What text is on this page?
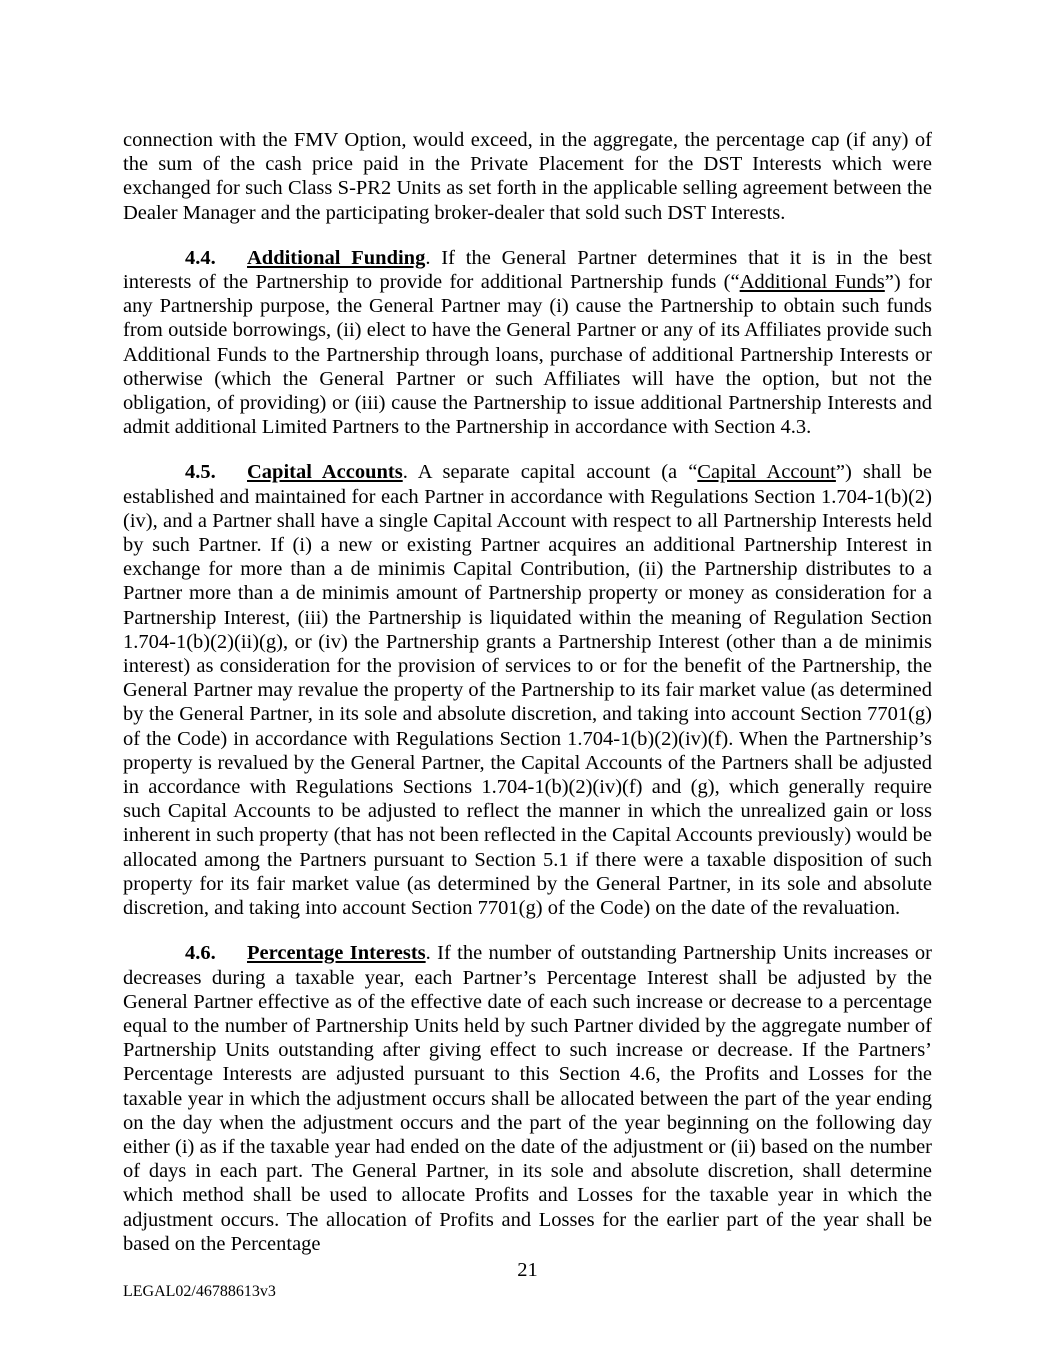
connection with the FMV Option, would exceed, in the aggregate, the percentage cap (if any) of the sum of the cash price paid in the Private Placement for the DST Interests which were exchanged for such Class S-PR2 Units as set forth in the applicable selling agreement between the Dealer Manager and the participating broker-dealer that sold such DST Interests.

4.4. Additional Funding. If the General Partner determines that it is in the best interests of the Partnership to provide for additional Partnership funds (“Additional Funds”) for any Partnership purpose, the General Partner may (i) cause the Partnership to obtain such funds from outside borrowings, (ii) elect to have the General Partner or any of its Affiliates provide such Additional Funds to the Partnership through loans, purchase of additional Partnership Interests or otherwise (which the General Partner or such Affiliates will have the option, but not the obligation, of providing) or (iii) cause the Partnership to issue additional Partnership Interests and admit additional Limited Partners to the Partnership in accordance with Section 4.3.

4.5. Capital Accounts. A separate capital account (a “Capital Account”) shall be established and maintained for each Partner in accordance with Regulations Section 1.704-1(b)(2)(iv), and a Partner shall have a single Capital Account with respect to all Partnership Interests held by such Partner. If (i) a new or existing Partner acquires an additional Partnership Interest in exchange for more than a de minimis Capital Contribution, (ii) the Partnership distributes to a Partner more than a de minimis amount of Partnership property or money as consideration for a Partnership Interest, (iii) the Partnership is liquidated within the meaning of Regulation Section 1.704-1(b)(2)(ii)(g), or (iv) the Partnership grants a Partnership Interest (other than a de minimis interest) as consideration for the provision of services to or for the benefit of the Partnership, the General Partner may revalue the property of the Partnership to its fair market value (as determined by the General Partner, in its sole and absolute discretion, and taking into account Section 7701(g) of the Code) in accordance with Regulations Section 1.704-1(b)(2)(iv)(f). When the Partnership’s property is revalued by the General Partner, the Capital Accounts of the Partners shall be adjusted in accordance with Regulations Sections 1.704-1(b)(2)(iv)(f) and (g), which generally require such Capital Accounts to be adjusted to reflect the manner in which the unrealized gain or loss inherent in such property (that has not been reflected in the Capital Accounts previously) would be allocated among the Partners pursuant to Section 5.1 if there were a taxable disposition of such property for its fair market value (as determined by the General Partner, in its sole and absolute discretion, and taking into account Section 7701(g) of the Code) on the date of the revaluation.

4.6. Percentage Interests. If the number of outstanding Partnership Units increases or decreases during a taxable year, each Partner’s Percentage Interest shall be adjusted by the General Partner effective as of the effective date of each such increase or decrease to a percentage equal to the number of Partnership Units held by such Partner divided by the aggregate number of Partnership Units outstanding after giving effect to such increase or decrease. If the Partners’ Percentage Interests are adjusted pursuant to this Section 4.6, the Profits and Losses for the taxable year in which the adjustment occurs shall be allocated between the part of the year ending on the day when the adjustment occurs and the part of the year beginning on the following day either (i) as if the taxable year had ended on the date of the adjustment or (ii) based on the number of days in each part. The General Partner, in its sole and absolute discretion, shall determine which method shall be used to allocate Profits and Losses for the taxable year in which the adjustment occurs. The allocation of Profits and Losses for the earlier part of the year shall be based on the Percentage

21
LEGAL02/46788613v3
